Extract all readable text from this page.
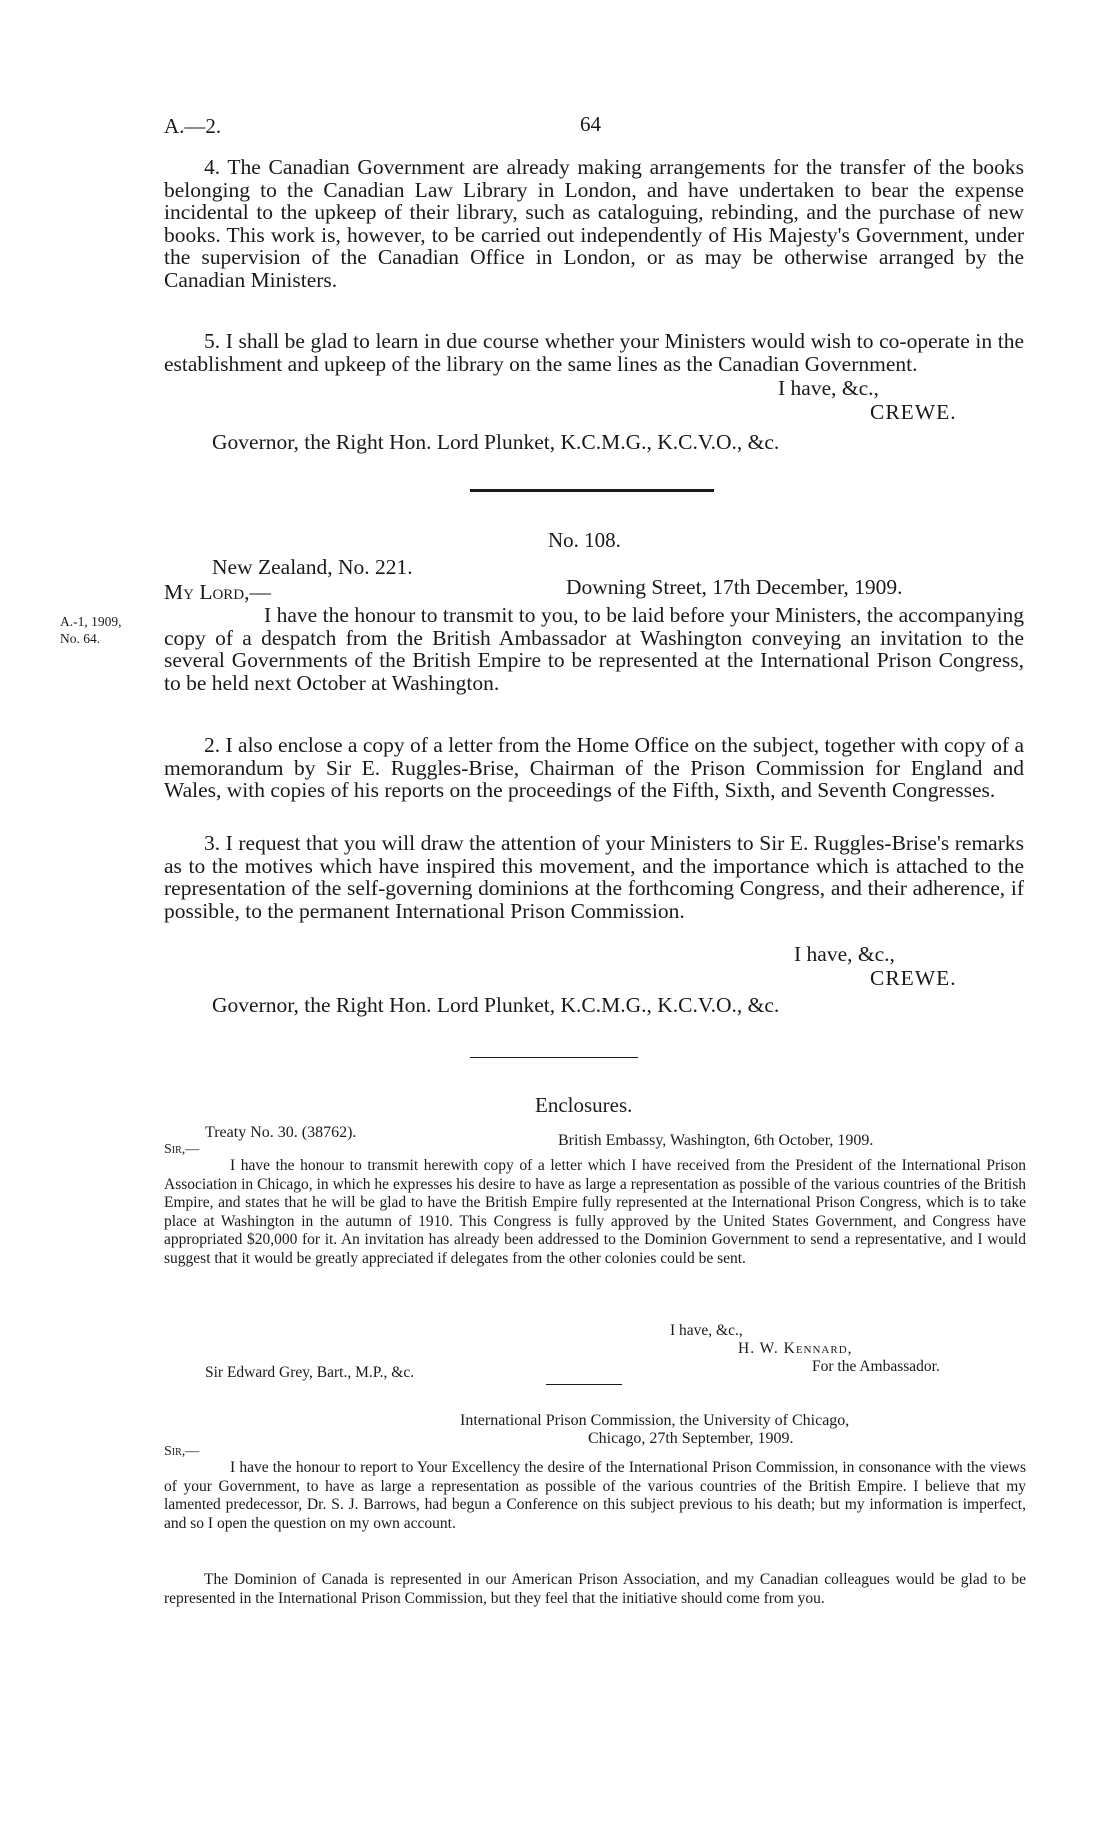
A.—2.	64
4. The Canadian Government are already making arrangements for the transfer of the books belonging to the Canadian Law Library in London, and have undertaken to bear the expense incidental to the upkeep of their library, such as cataloguing, rebinding, and the purchase of new books. This work is, however, to be carried out independently of His Majesty's Government, under the supervision of the Canadian Office in London, or as may be otherwise arranged by the Canadian Ministers.
5. I shall be glad to learn in due course whether your Ministers would wish to co-operate in the establishment and upkeep of the library on the same lines as the Canadian Government.
I have, &c.,
CREWE.
Governor, the Right Hon. Lord Plunket, K.C.M.G., K.C.V.O., &c.
No. 108.
New Zealand, No. 221.
My Lord,—	Downing Street, 17th December, 1909.
A.-1, 1909,
No. 64.
I have the honour to transmit to you, to be laid before your Ministers, the accompanying copy of a despatch from the British Ambassador at Washington conveying an invitation to the several Governments of the British Empire to be represented at the International Prison Congress, to be held next October at Washington.
2. I also enclose a copy of a letter from the Home Office on the subject, together with copy of a memorandum by Sir E. Ruggles-Brise, Chairman of the Prison Commission for England and Wales, with copies of his reports on the proceedings of the Fifth, Sixth, and Seventh Congresses.
3. I request that you will draw the attention of your Ministers to Sir E. Ruggles-Brise's remarks as to the motives which have inspired this movement, and the importance which is attached to the representation of the self-governing dominions at the forthcoming Congress, and their adherence, if possible, to the permanent International Prison Commission.
I have, &c.,
CREWE.
Governor, the Right Hon. Lord Plunket, K.C.M.G., K.C.V.O., &c.
Enclosures.
Treaty No. 30. (38762).	British Embassy, Washington, 6th October, 1909.
Sir,—
I have the honour to transmit herewith copy of a letter which I have received from the President of the International Prison Association in Chicago, in which he expresses his desire to have as large a representation as possible of the various countries of the British Empire, and states that he will be glad to have the British Empire fully represented at the International Prison Congress, which is to take place at Washington in the autumn of 1910. This Congress is fully approved by the United States Government, and Congress have appropriated $20,000 for it. An invitation has already been addressed to the Dominion Government to send a representative, and I would suggest that it would be greatly appreciated if delegates from the other colonies could be sent.
I have, &c.,
H. W. Kennard,
For the Ambassador.
Sir Edward Grey, Bart., M.P., &c.
International Prison Commission, the University of Chicago,
Chicago, 27th September, 1909.
Sir,—
I have the honour to report to Your Excellency the desire of the International Prison Commission, in consonance with the views of your Government, to have as large a representation as possible of the various countries of the British Empire. I believe that my lamented predecessor, Dr. S. J. Barrows, had begun a Conference on this subject previous to his death; but my information is imperfect, and so I open the question on my own account.
The Dominion of Canada is represented in our American Prison Association, and my Canadian colleagues would be glad to be represented in the International Prison Commission, but they feel that the initiative should come from you.
